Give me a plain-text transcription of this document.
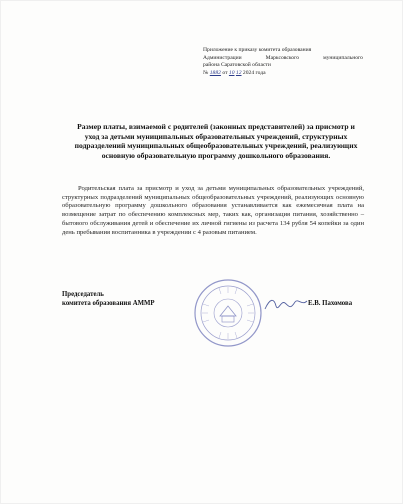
Приложение к приказу комитета образования
Администрации	Марксовского	муниципального
района Саратовской области
№ 1882 от 10 12 2024 года
Размер платы, взимаемой с родителей (законных представителей) за присмотр и уход за детьми муниципальных образовательных учреждений, структурных подразделений муниципальных общеобразовательных учреждений, реализующих основную образовательную программу дошкольного образования.
Родительская плата за присмотр и уход за детьми муниципальных образовательных учреждений, структурных подразделений муниципальных общеобразовательных учреждений, реализующих основную образовательную программу дошкольного образования устанавливается как ежемесячная плата на возмещение затрат по обеспечению комплексных мер, таких как, организация питания, хозяйственно – бытового обслуживания детей и обеспечение их личной гигиены из расчета 134 рубля 54 копейки за один день пребывания воспитанника в учреждении с 4 разовым питанием.
Председатель
комитета образования АММР	Е.В. Пахомова
